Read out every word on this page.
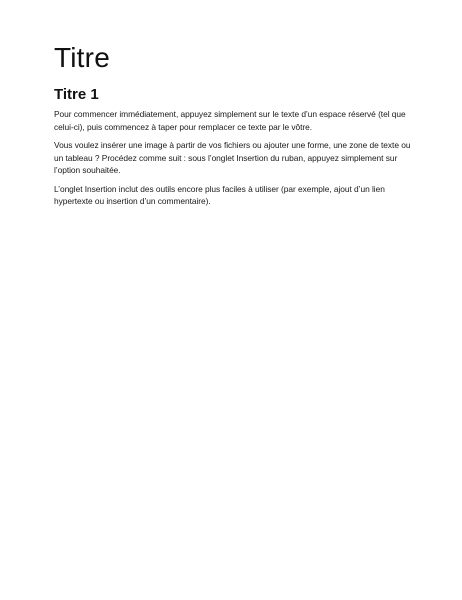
Titre
Titre 1

Pour commencer immédiatement, appuyez simplement sur le texte d’un espace réservé (tel que
celui-ci), puis commencez à taper pour remplacer ce texte par le vôtre.

Vous voulez insérer une image à partir de vos fichiers ou ajouter une forme, une zone de texte ou
un tableau ? Procédez comme suit : sous l’onglet Insertion du ruban, appuyez simplement sur
l’option souhaitée.

L’onglet Insertion inclut des outils encore plus faciles à utiliser (par exemple, ajout d’un lien
hypertexte ou insertion d’un commentaire).
